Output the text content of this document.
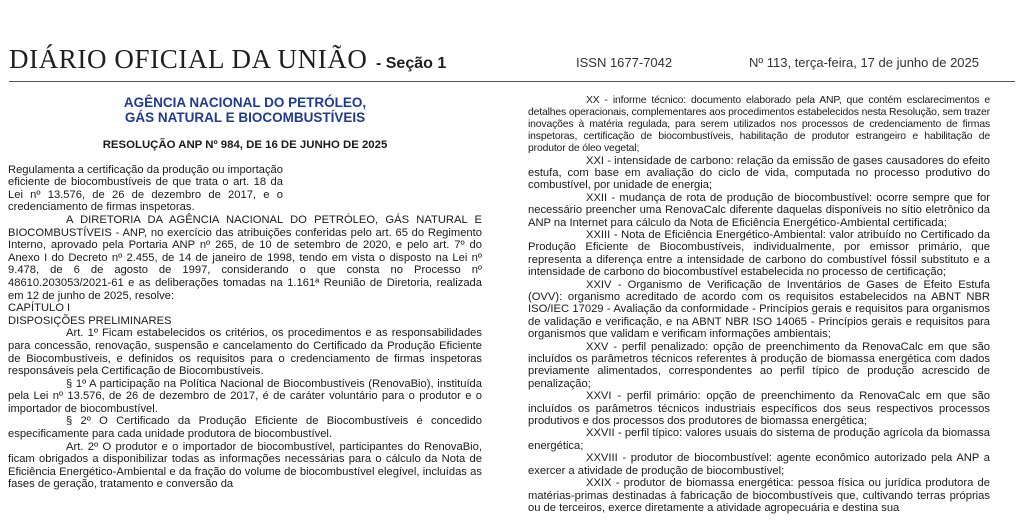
DIÁRIO OFICIAL DA UNIÃO - Seção 1	ISSN 1677-7042	Nº 113, terça-feira, 17 de junho de 2025
AGÊNCIA NACIONAL DO PETRÓLEO,
GÁS NATURAL E BIOCOMBUSTÍVEIS
RESOLUÇÃO ANP Nº 984, DE 16 DE JUNHO DE 2025

Regulamenta a certificação da produção ou importação eficiente de biocombustíveis de que trata o art. 18 da Lei nº 13.576, de 26 de dezembro de 2017, e o credenciamento de firmas inspetoras.

A DIRETORIA DA AGÊNCIA NACIONAL DO PETRÓLEO, GÁS NATURAL E BIOCOMBUSTÍVEIS - ANP, no exercício das atribuições conferidas pelo art. 65 do Regimento Interno, aprovado pela Portaria ANP nº 265, de 10 de setembro de 2020, e pelo art. 7º do Anexo I do Decreto nº 2.455, de 14 de janeiro de 1998, tendo em vista o disposto na Lei nº 9.478, de 6 de agosto de 1997, considerando o que consta no Processo nº 48610.203053/2021-61 e as deliberações tomadas na 1.161ª Reunião de Diretoria, realizada em 12 de junho de 2025, resolve:

CAPÍTULO I

DISPOSIÇÕES PRELIMINARES

Art. 1º Ficam estabelecidos os critérios, os procedimentos e as responsabilidades para concessão, renovação, suspensão e cancelamento do Certificado da Produção Eficiente de Biocombustíveis, e definidos os requisitos para o credenciamento de firmas inspetoras responsáveis pela Certificação de Biocombustíveis.

§ 1º A participação na Política Nacional de Biocombustíveis (RenovaBio), instituída pela Lei nº 13.576, de 26 de dezembro de 2017, é de caráter voluntário para o produtor e o importador de biocombustível.

§ 2º O Certificado da Produção Eficiente de Biocombustíveis é concedido especificamente para cada unidade produtora de biocombustível.

Art. 2º O produtor e o importador de biocombustível, participantes do RenovaBio, ficam obrigados a disponibilizar todas as informações necessárias para o cálculo da Nota de Eficiência Energético-Ambiental e da fração do volume de biocombustível elegível, incluídas as fases de geração, tratamento e conversão da

XX - informe técnico: documento elaborado pela ANP, que contém esclarecimentos e detalhes operacionais, complementares aos procedimentos estabelecidos nesta Resolução, sem trazer inovações à matéria regulada, para serem utilizados nos processos de credenciamento de firmas inspetoras, certificação de biocombustíveis, habilitação de produtor estrangeiro e habilitação de produtor de óleo vegetal;

XXI - intensidade de carbono: relação da emissão de gases causadores do efeito estufa, com base em avaliação do ciclo de vida, computada no processo produtivo do combustível, por unidade de energia;

XXII - mudança de rota de produção de biocombustível: ocorre sempre que for necessário preencher uma RenovaCalc diferente daquelas disponíveis no sítio eletrônico da ANP na Internet para cálculo da Nota de Eficiência Energético-Ambiental certificada;

XXIII - Nota de Eficiência Energético-Ambiental: valor atribuído no Certificado da Produção Eficiente de Biocombustíveis, individualmente, por emissor primário, que representa a diferença entre a intensidade de carbono do combustível fóssil substituto e a intensidade de carbono do biocombustível estabelecida no processo de certificação;

XXIV - Organismo de Verificação de Inventários de Gases de Efeito Estufa (OVV): organismo acreditado de acordo com os requisitos estabelecidos na ABNT NBR ISO/IEC 17029 - Avaliação da conformidade - Princípios gerais e requisitos para organismos de validação e verificação, e na ABNT NBR ISO 14065 - Princípios gerais e requisitos para organismos que validam e verificam informações ambientais;

XXV - perfil penalizado: opção de preenchimento da RenovaCalc em que são incluídos os parâmetros técnicos referentes à produção de biomassa energética com dados previamente alimentados, correspondentes ao perfil típico de produção acrescido de penalização;

XXVI - perfil primário: opção de preenchimento da RenovaCalc em que são incluídos os parâmetros técnicos industriais específicos dos seus respectivos processos produtivos e dos processos dos produtores de biomassa energética;

XXVII - perfil típico: valores usuais do sistema de produção agrícola da biomassa energética;

XXVIII - produtor de biocombustível: agente econômico autorizado pela ANP a exercer a atividade de produção de biocombustível;

XXIX - produtor de biomassa energética: pessoa física ou jurídica produtora de matérias-primas destinadas à fabricação de biocombustíveis que, cultivando terras próprias ou de terceiros, exerce diretamente a atividade agropecuária e destina sua
